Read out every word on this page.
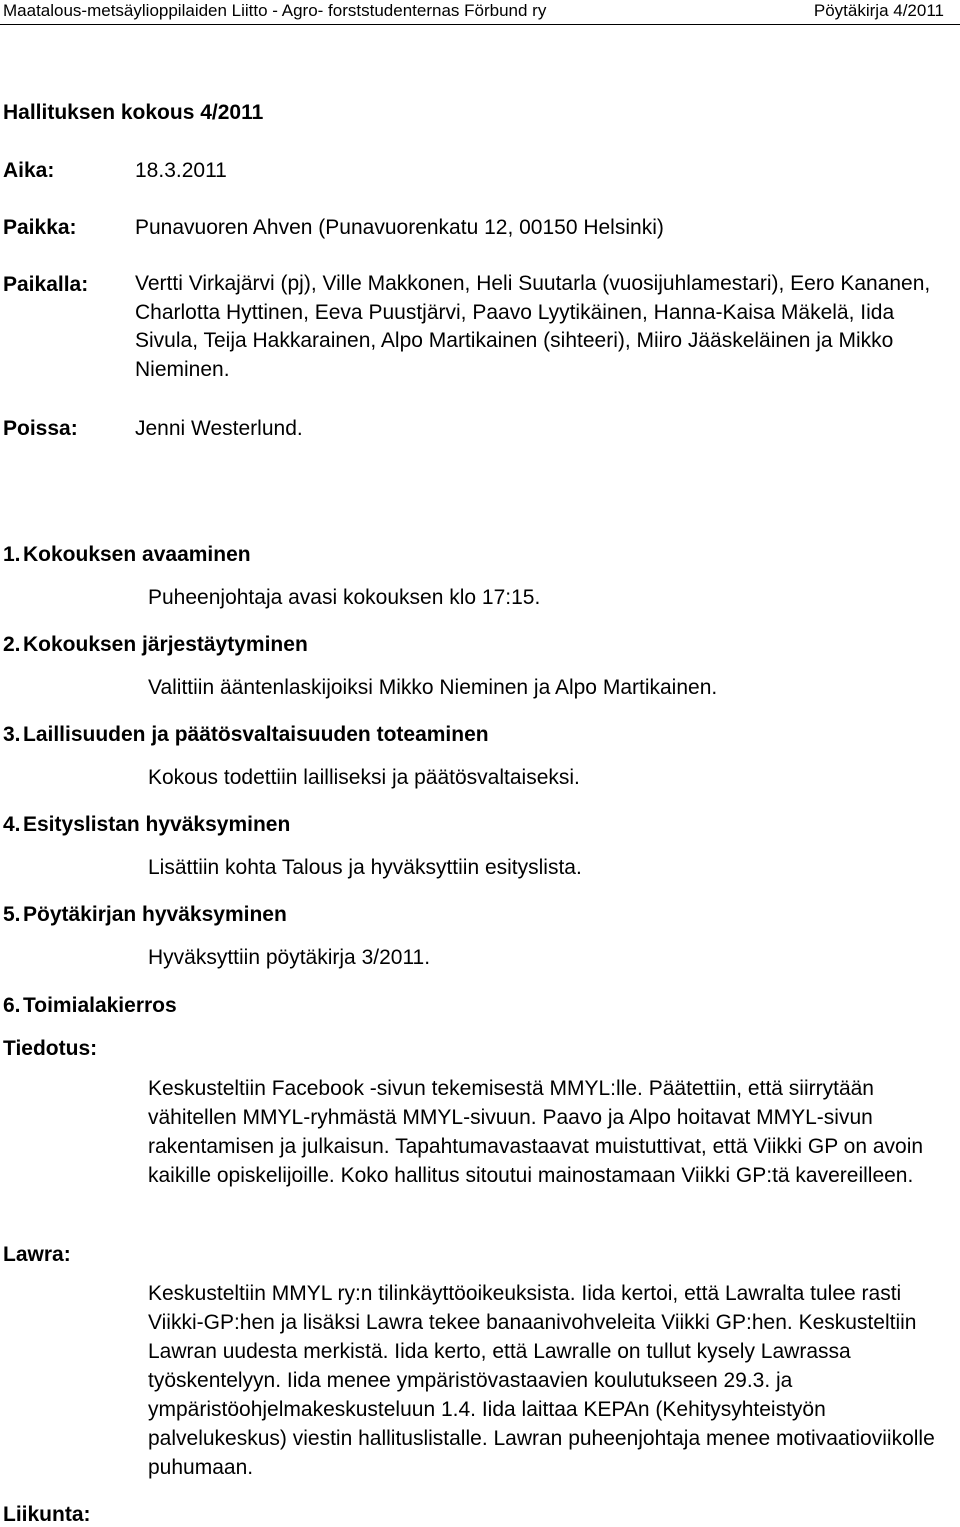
Maatalous-metsäylioppilaiden Liitto - Agro- forststudenternas Förbund ry	Pöytäkirja 4/2011
Hallituksen kokous 4/2011
Aika:	18.3.2011
Paikka:	Punavuoren Ahven (Punavuorenkatu 12, 00150 Helsinki)
Paikalla: Vertti Virkajärvi (pj), Ville Makkonen, Heli Suutarla (vuosijuhlamestari), Eero Kananen, Charlotta Hyttinen, Eeva Puustjärvi, Paavo Lyytikäinen, Hanna-Kaisa Mäkelä, Iida Sivula, Teija Hakkarainen, Alpo Martikainen (sihteeri), Miiro Jääskeläinen ja Mikko Nieminen.
Poissa:	Jenni Westerlund.
1. Kokouksen avaaminen
Puheenjohtaja avasi kokouksen klo 17:15.
2. Kokouksen järjestäytyminen
Valittiin ääntenlaskijoiksi Mikko Nieminen ja Alpo Martikainen.
3. Laillisuuden ja päätösvaltaisuuden toteaminen
Kokous todettiin lailliseksi ja päätösvaltaiseksi.
4. Esityslistan hyväksyminen
Lisättiin kohta Talous ja hyväksyttiin esityslista.
5. Pöytäkirjan hyväksyminen
Hyväksyttiin pöytäkirja 3/2011.
6. Toimialakierros
Tiedotus:
Keskusteltiin Facebook -sivun tekemisestä MMYL:lle. Päätettiin, että siirrytään vähitellen MMYL-ryhmästä MMYL-sivuun. Paavo ja Alpo hoitavat MMYL-sivun rakentamisen ja julkaisun. Tapahtumavastaavat muistuttivat, että Viikki GP on avoin kaikille opiskelijoille. Koko hallitus sitoutui mainostamaan Viikki GP:tä kavereilleen.
Lawra:
Keskusteltiin MMYL ry:n tilinkäyttöoikeuksista. Iida kertoi, että Lawralta tulee rasti Viikki-GP:hen ja lisäksi Lawra tekee banaanivohveleita Viikki GP:hen. Keskusteltiin Lawran uudesta merkistä. Iida kerto, että Lawralle on tullut kysely Lawrassa työskentelyyn. Iida menee ympäristövastaavien koulutukseen 29.3. ja ympäristöohjelmakeskusteluun 1.4. Iida laittaa KEPAn (Kehitysyhteistyön palvelukeskus) viestin hallituslistalle. Lawran puheenjohtaja menee motivaatioviikolle puhumaan.
Liikunta:
